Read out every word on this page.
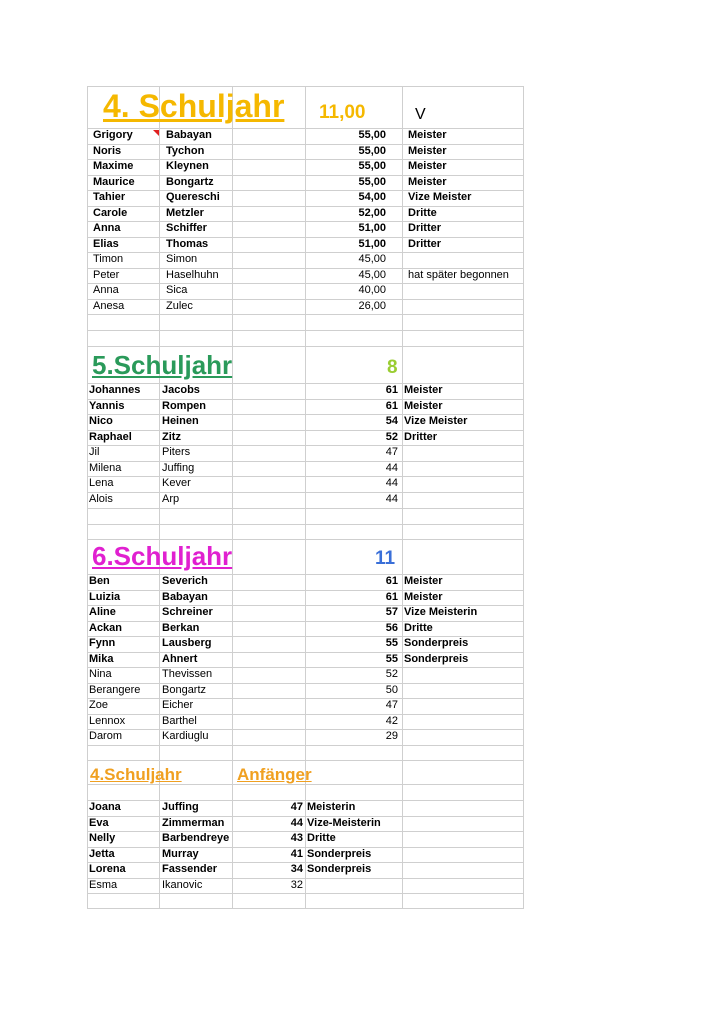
4. Schuljahr 11,00	V
5.Schuljahr	8
6.Schuljahr	11
4.Schuljahr	Anfänger
Grigory	Babayan	55,00 Meister
Noris	Tychon	55,00 Meister
Maxime	Kleynen	55,00 Meister
Maurice	Bongartz	55,00 Meister
Tahier	Quereschi	54,00 Vize Meister
Carole	Metzler	52,00 Dritte
Anna	Schiffer	51,00 Dritter
Elias	Thomas	51,00 Dritter
Timon	Simon	45,00
Peter	Haselhuhn	45,00 hat später begonnen
Anna	Sica	40,00
Anesa	Zulec	26,00
Johannes	Jacobs	61 Meister
Yannis	Rompen	61 Meister
Nico	Heinen	54 Vize Meister
Raphael	Zitz	52 Dritter
Jil	Piters	47
Milena	Juffing	44
Lena	Kever	44
Alois	Arp	44
Ben	Severich	61 Meister
Luizia	Babayan	61 Meister
Aline	Schreiner	57 Vize Meisterin
Ackan	Berkan	56 Dritte
Fynn	Lausberg	55 Sonderpreis
Mika	Ahnert	55 Sonderpreis
Nina	Thevissen	52
Berangere	Bongartz	50
Zoe	Eicher	47
Lennox	Barthel	42
Darom	Kardiuglu	29
Joana	Juffing	47 Meisterin
Eva	Zimmerman	44 Vize-Meisterin
Nelly	Barbendreye	43 Dritte
Jetta	Murray	41 Sonderpreis
Lorena	Fassender	34 Sonderpreis
Esma	Ikanovic	32
